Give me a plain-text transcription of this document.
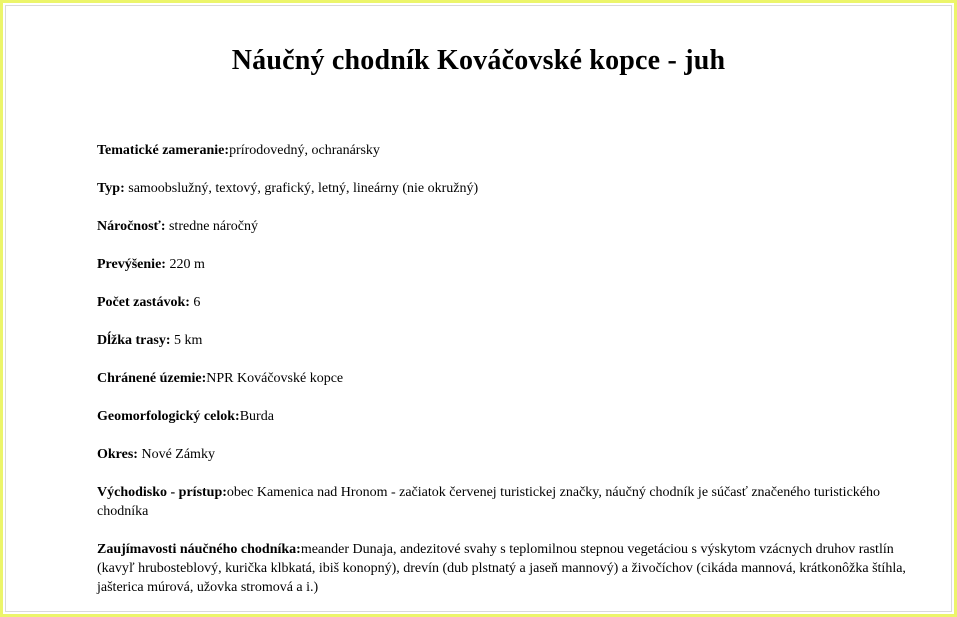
Náučný chodník Kováčovské kopce - juh

Tematické zameranie:prírodovedný, ochranársky

Typ: samoobslužný, textový, grafický, letný, lineárny (nie okružný)

Náročnosť: stredne náročný

Prevýšenie: 220 m

Počet zastávok: 6

Dĺžka trasy: 5 km

Chránené územie:NPR Kováčovské kopce

Geomorfologický celok:Burda

Okres: Nové Zámky

Východisko - prístup:obec Kamenica nad Hronom - začiatok červenej turistickej značky, náučný chodník je súčasť značeného turistického chodníka

Zaujímavosti náučného chodníka:meander Dunaja, andezitové svahy s teplomilnou stepnou vegetáciou s výskytom vzácnych druhov rastlín (kavyľ hrubosteblový, kurička klbkatá, ibiš konopný), drevín (dub plstnatý a jaseň mannový) a živočíchov (cikáda mannová, krátkonôžka štíhla, jašterica múrová, užovka stromová a i.)
